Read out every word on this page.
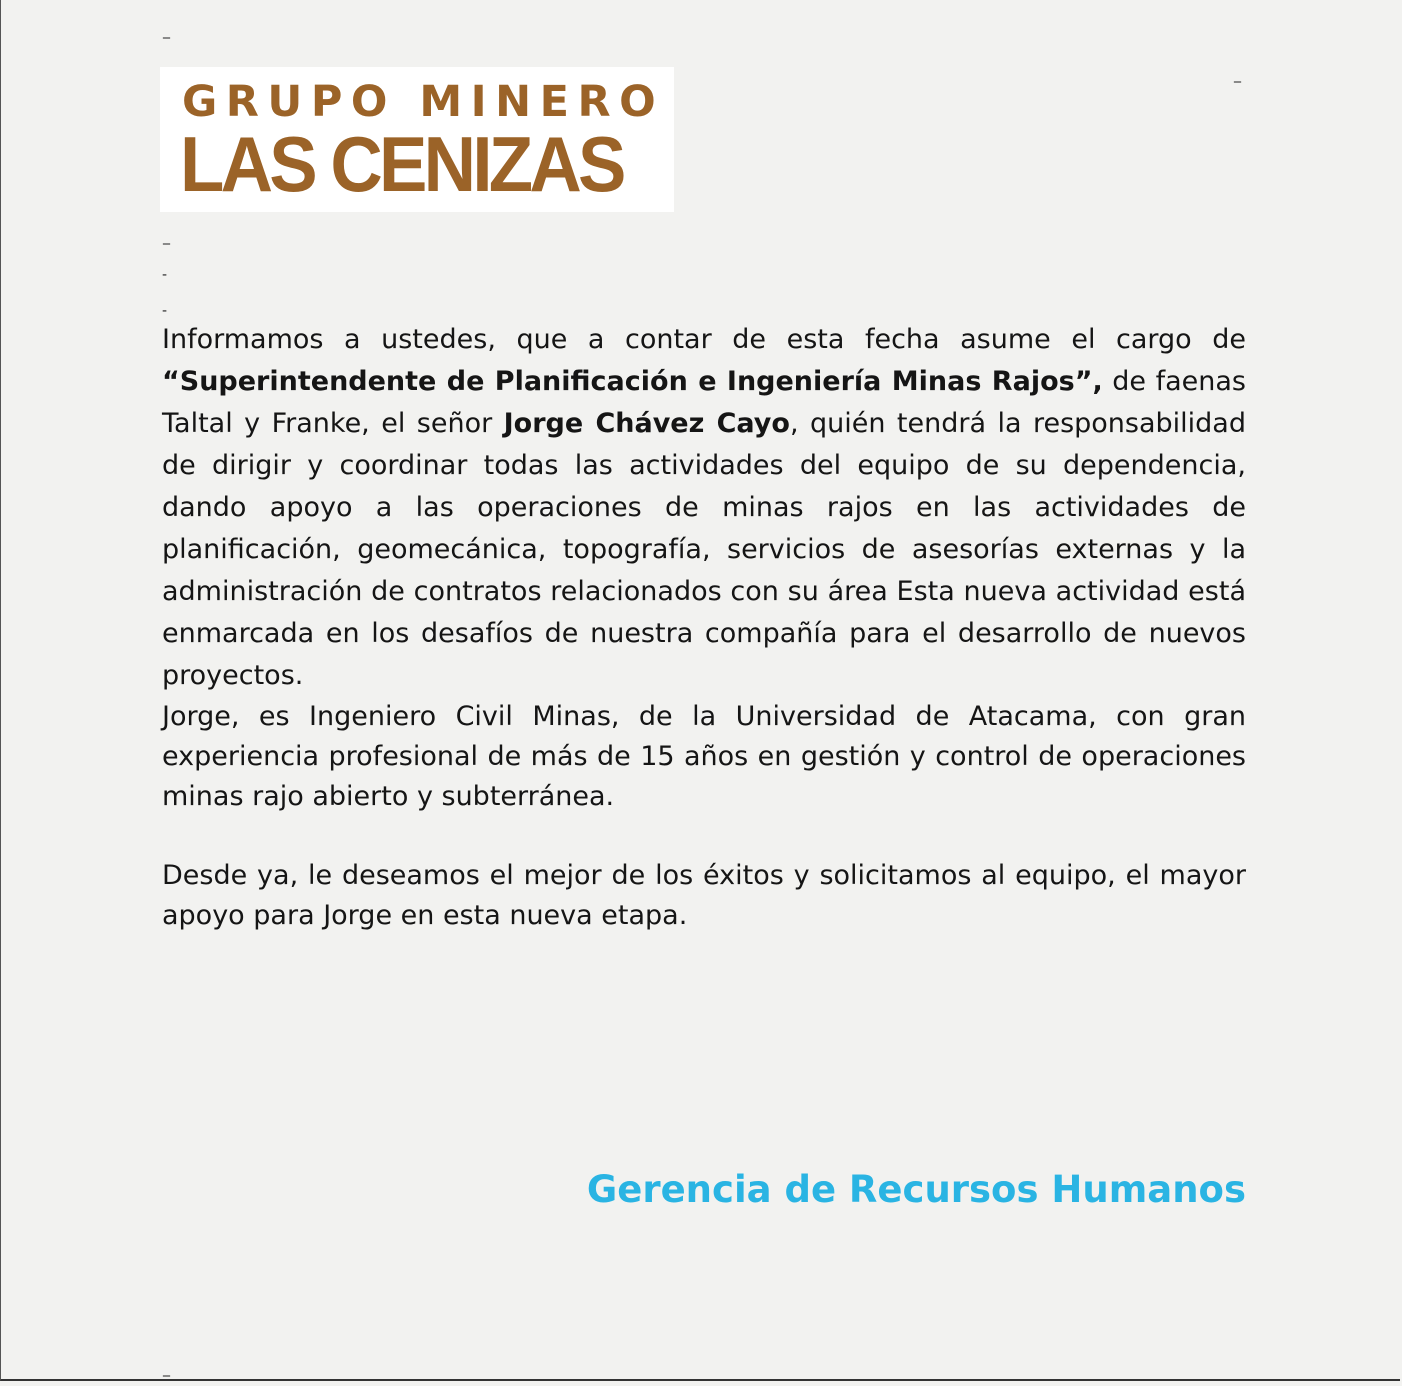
_
_
GRUPO MINERO
LAS CENIZAS
_
-
-

Informamos a ustedes, que a contar de esta fecha asume el cargo de “Superintendente de Planificación e Ingeniería Minas Rajos”, de faenas Taltal y Franke, el señor Jorge Chávez Cayo, quién tendrá la responsabilidad de dirigir y coordinar todas las actividades del equipo de su dependencia, dando apoyo a las operaciones de minas rajos en las actividades de planificación, geomecánica, topografía, servicios de asesorías externas y la administración de contratos relacionados con su área Esta nueva actividad está enmarcada en los desafíos de nuestra compañía para el desarrollo de nuevos proyectos.

Jorge, es Ingeniero Civil Minas, de la Universidad de Atacama, con gran experiencia profesional de más de 15 años en gestión y control de operaciones minas rajo abierto y subterránea.

Desde ya, le deseamos el mejor de los éxitos y solicitamos al equipo, el mayor apoyo para Jorge en esta nueva etapa.

Gerencia de Recursos Humanos
_
